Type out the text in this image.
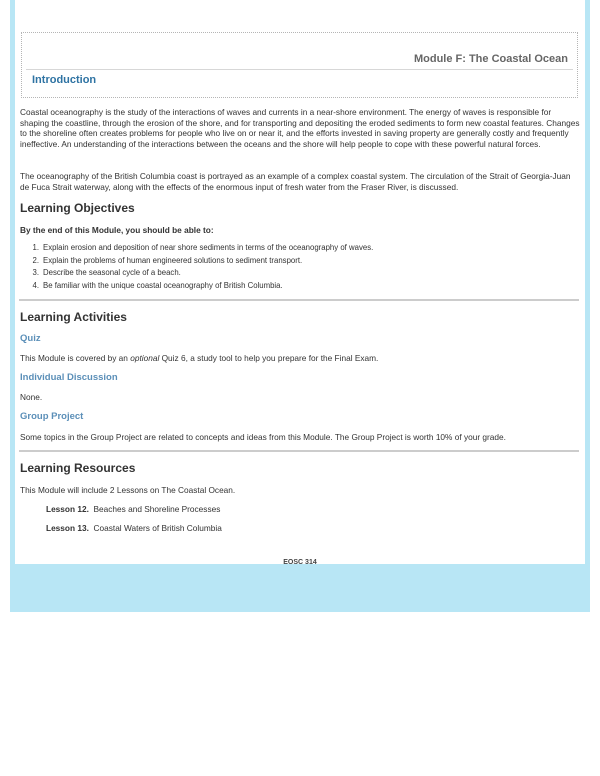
Module F: The Coastal Ocean
Introduction

Coastal oceanography is the study of the interactions of waves and currents in a near-shore environment. The energy of waves is responsible for shaping the coastline, through the erosion of the shore, and for transporting and depositing the eroded sediments to form new coastal features. Changes to the shoreline often creates problems for people who live on or near it, and the efforts invested in saving property are generally costly and frequently ineffective. An understanding of the interactions between the oceans and the shore will help people to cope with these powerful natural forces.

The oceanography of the British Columbia coast is portrayed as an example of a complex coastal system. The circulation of the Strait of Georgia-Juan de Fuca Strait waterway, along with the effects of the enormous input of fresh water from the Fraser River, is discussed.

Learning Objectives
By the end of this Module, you should be able to:
1. Explain erosion and deposition of near shore sediments in terms of the oceanography of waves.
2. Explain the problems of human engineered solutions to sediment transport.
3. Describe the seasonal cycle of a beach.
4. Be familiar with the unique coastal oceanography of British Columbia.
Learning Activities
Quiz
This Module is covered by an optional Quiz 6, a study tool to help you prepare for the Final Exam.
Individual Discussion
None.
Group Project
Some topics in the Group Project are related to concepts and ideas from this Module. The Group Project is worth 10% of your grade.
Learning Resources
This Module will include 2 Lessons on The Coastal Ocean.
Lesson 12. Beaches and Shoreline Processes
Lesson 13. Coastal Waters of British Columbia
EOSC 314
